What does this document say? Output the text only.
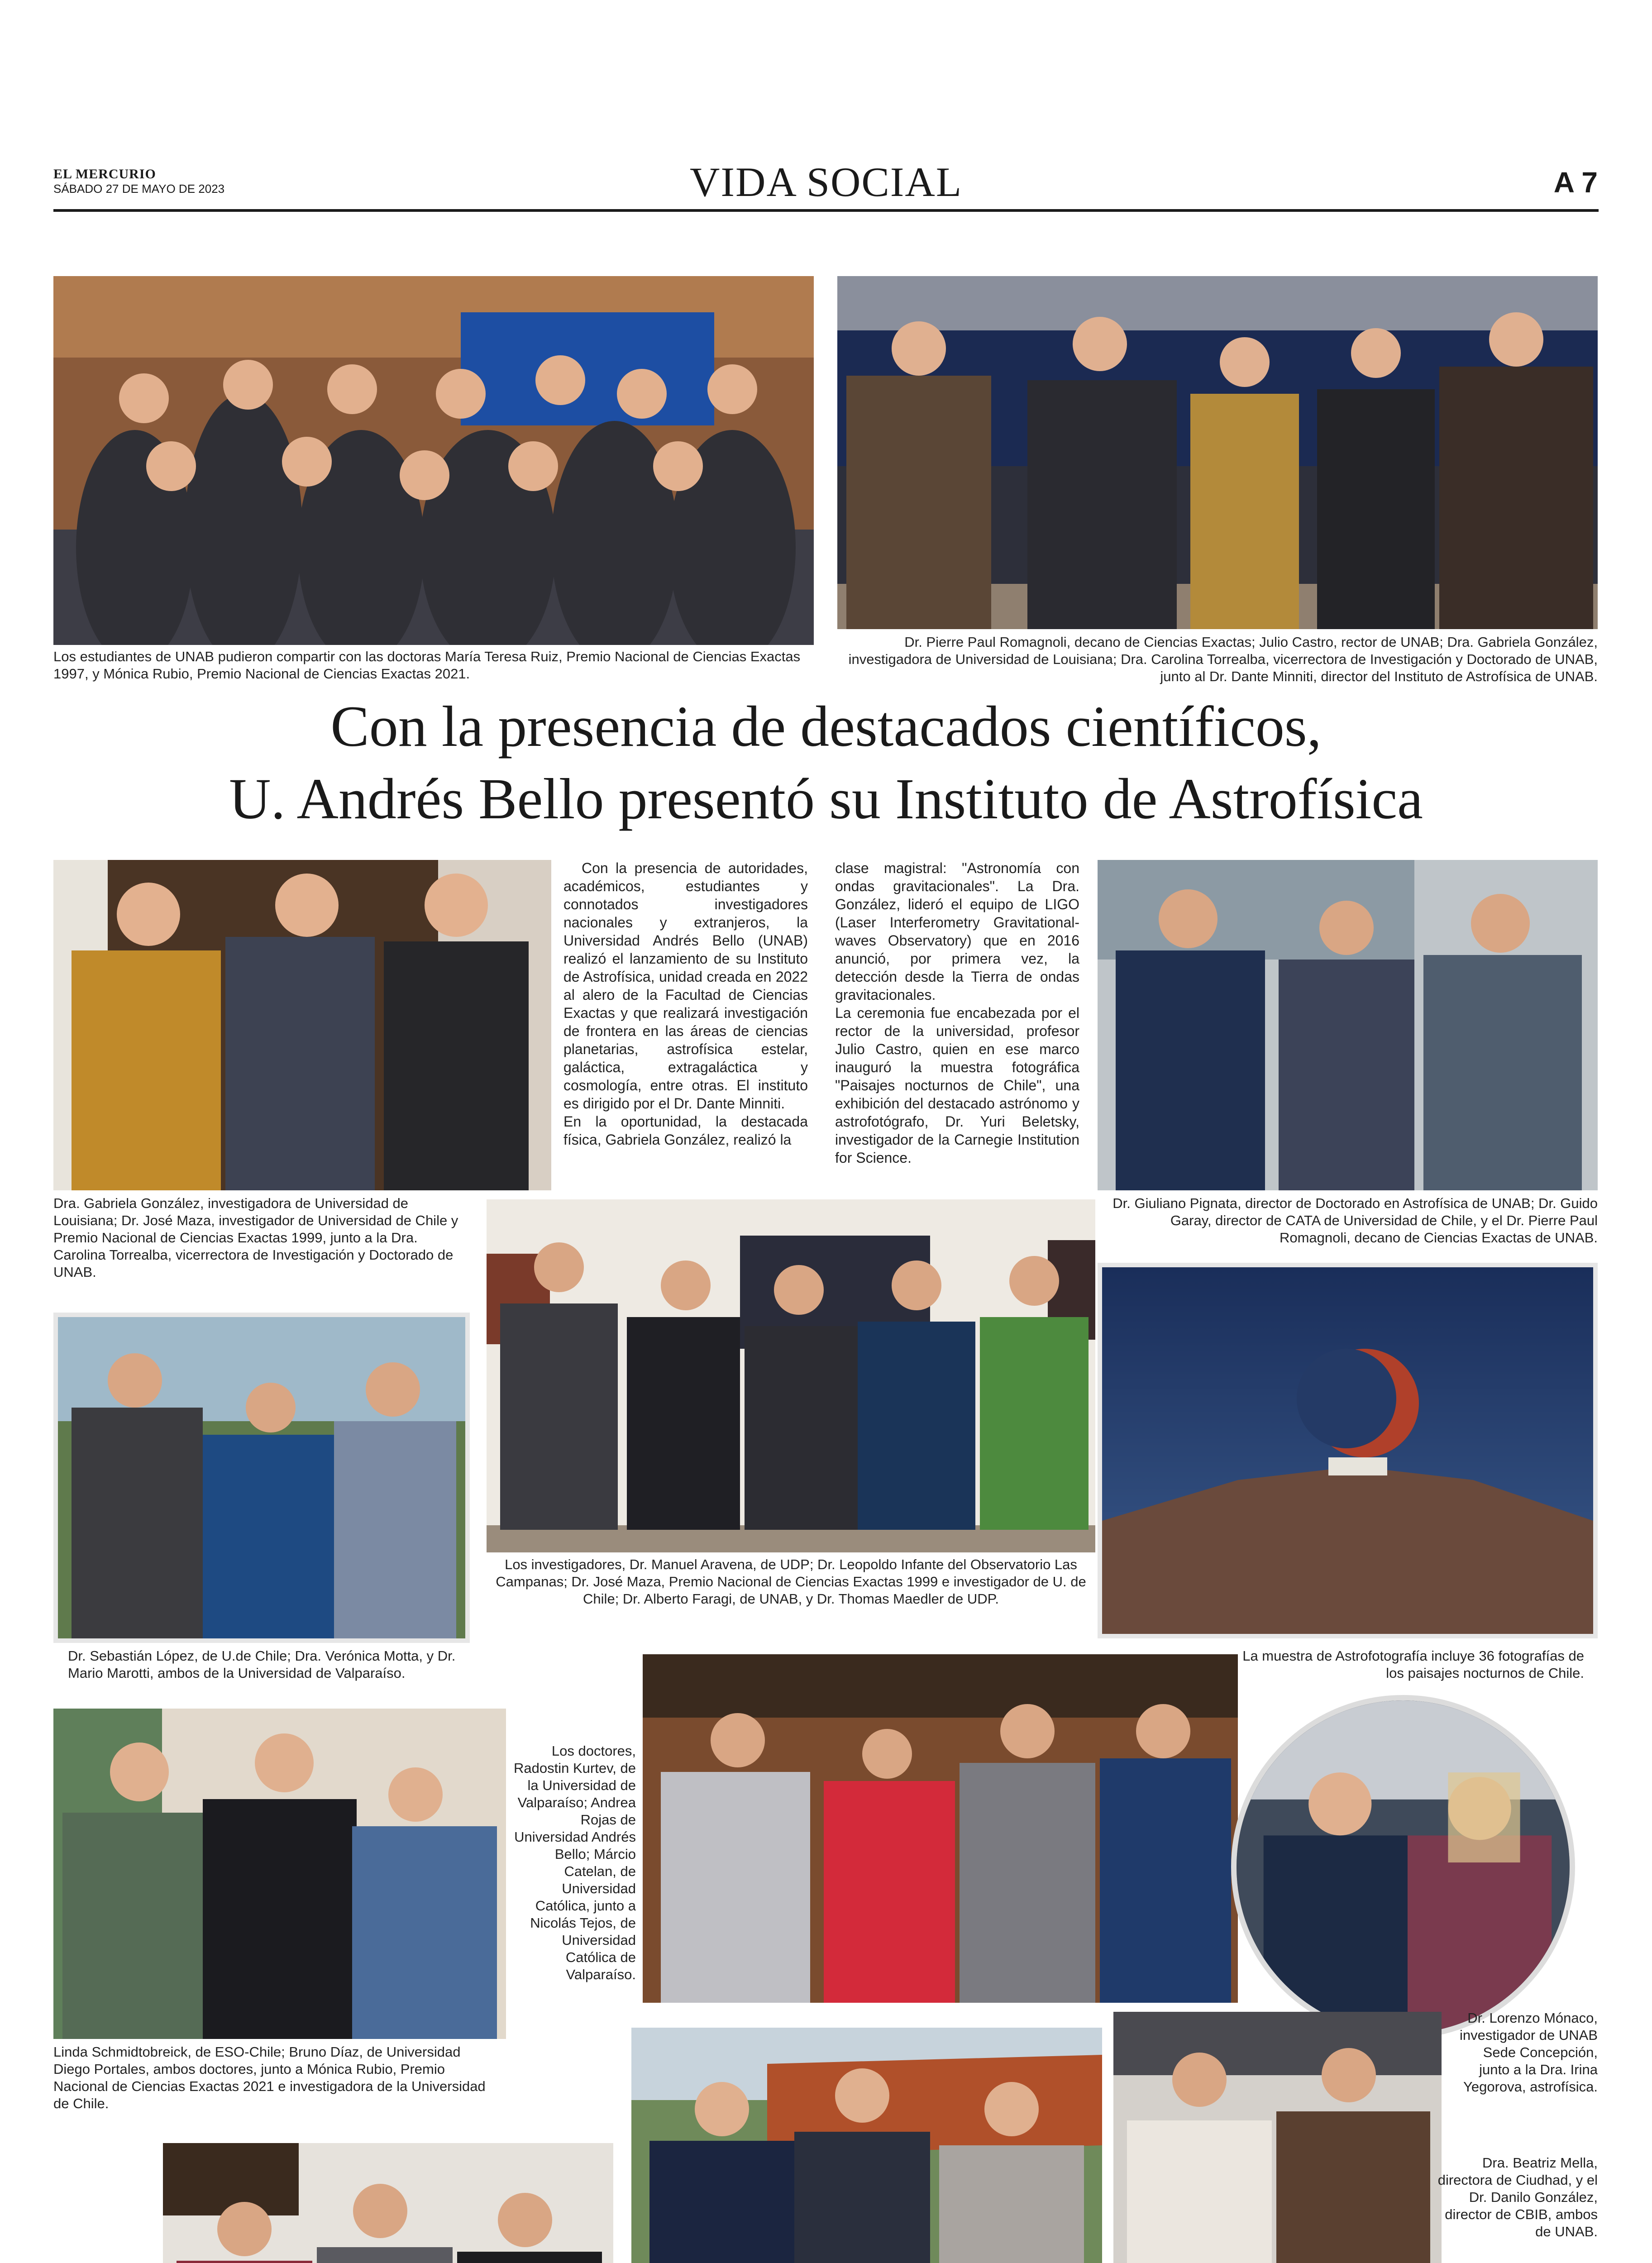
EL MERCURIO
SÁBADO 27 DE MAYO DE 2023	VIDA SOCIAL	A 7
Los estudiantes de UNAB pudieron compartir con las doctoras María Teresa Ruiz, Premio Nacional de Ciencias Exactas 1997, y Mónica Rubio, Premio Nacional de Ciencias Exactas 2021.
Dr. Pierre Paul Romagnoli, decano de Ciencias Exactas; Julio Castro, rector de UNAB; Dra. Gabriela González, investigadora de Universidad de Louisiana; Dra. Carolina Torrealba, vicerrectora de Investigación y Doctorado de UNAB, junto al Dr. Dante Minniti, director del Instituto de Astrofísica de UNAB.
Con la presencia de destacados científicos,
U. Andrés Bello presentó su Instituto de Astrofísica
Dra. Gabriela González, investigadora de Universidad de Louisiana; Dr. José Maza, investigador de Universidad de Chile y Premio Nacional de Ciencias Exactas 1999, junto a la Dra. Carolina Torrealba, vicerrectora de Investigación y Doctorado de UNAB.
Con la presencia de autoridades, académicos, estudiantes y connotados investigadores nacionales y extranjeros, la Universidad Andrés Bello (UNAB) realizó el lanzamiento de su Instituto de Astrofísica, unidad creada en 2022 al alero de la Facultad de Ciencias Exactas y que realizará investigación de frontera en las áreas de ciencias planetarias, astrofísica estelar, galáctica, extragaláctica y cosmología, entre otras. El instituto es dirigido por el Dr. Dante Minniti.
En la oportunidad, la destacada física, Gabriela González, realizó la
clase magistral: "Astronomía con ondas gravitacionales". La Dra. González, lideró el equipo de LIGO (Laser Interferometry Gravitational-waves Observatory) que en 2016 anunció, por primera vez, la detección desde la Tierra de ondas gravitacionales.
La ceremonia fue encabezada por el rector de la universidad, profesor Julio Castro, quien en ese marco inauguró la muestra fotográfica "Paisajes nocturnos de Chile", una exhibición del destacado astrónomo y astrofotógrafo, Dr. Yuri Beletsky, investigador de la Carnegie Institution for Science.
Dr. Giuliano Pignata, director de Doctorado en Astrofísica de UNAB; Dr. Guido Garay, director de CATA de Universidad de Chile, y el Dr. Pierre Paul Romagnoli, decano de Ciencias Exactas de UNAB.
Dr. Sebastián López, de U.de Chile; Dra. Verónica Motta, y Dr. Mario Marotti, ambos de la Universidad de Valparaíso.
Los investigadores, Dr. Manuel Aravena, de UDP; Dr. Leopoldo Infante del Observatorio Las Campanas; Dr. José Maza, Premio Nacional de Ciencias Exactas 1999 e investigador de U. de Chile; Dr. Alberto Faragi, de UNAB, y Dr. Thomas Maedler de UDP.
La muestra de Astrofotografía incluye 36 fotografías de los paisajes nocturnos de Chile.
Linda Schmidtobreick, de ESO-Chile; Bruno Díaz, de Universidad Diego Portales, ambos doctores, junto a Mónica Rubio, Premio Nacional de Ciencias Exactas 2021 e investigadora de la Universidad de Chile.
Los doctores, Radostin Kurtev, de la Universidad de Valparaíso; Andrea Rojas de Universidad Andrés Bello; Márcio Catelan, de Universidad Católica, junto a Nicolás Tejos, de Universidad Católica de Valparaíso.
Dr. Lorenzo Mónaco, investigador de UNAB Sede Concepción, junto a la Dra. Irina Yegorova, astrofísica.
Dra. Beatriz Mella, directora de Ciudhad, y el Dr. Danilo González, director de CBIB, ambos de UNAB.
